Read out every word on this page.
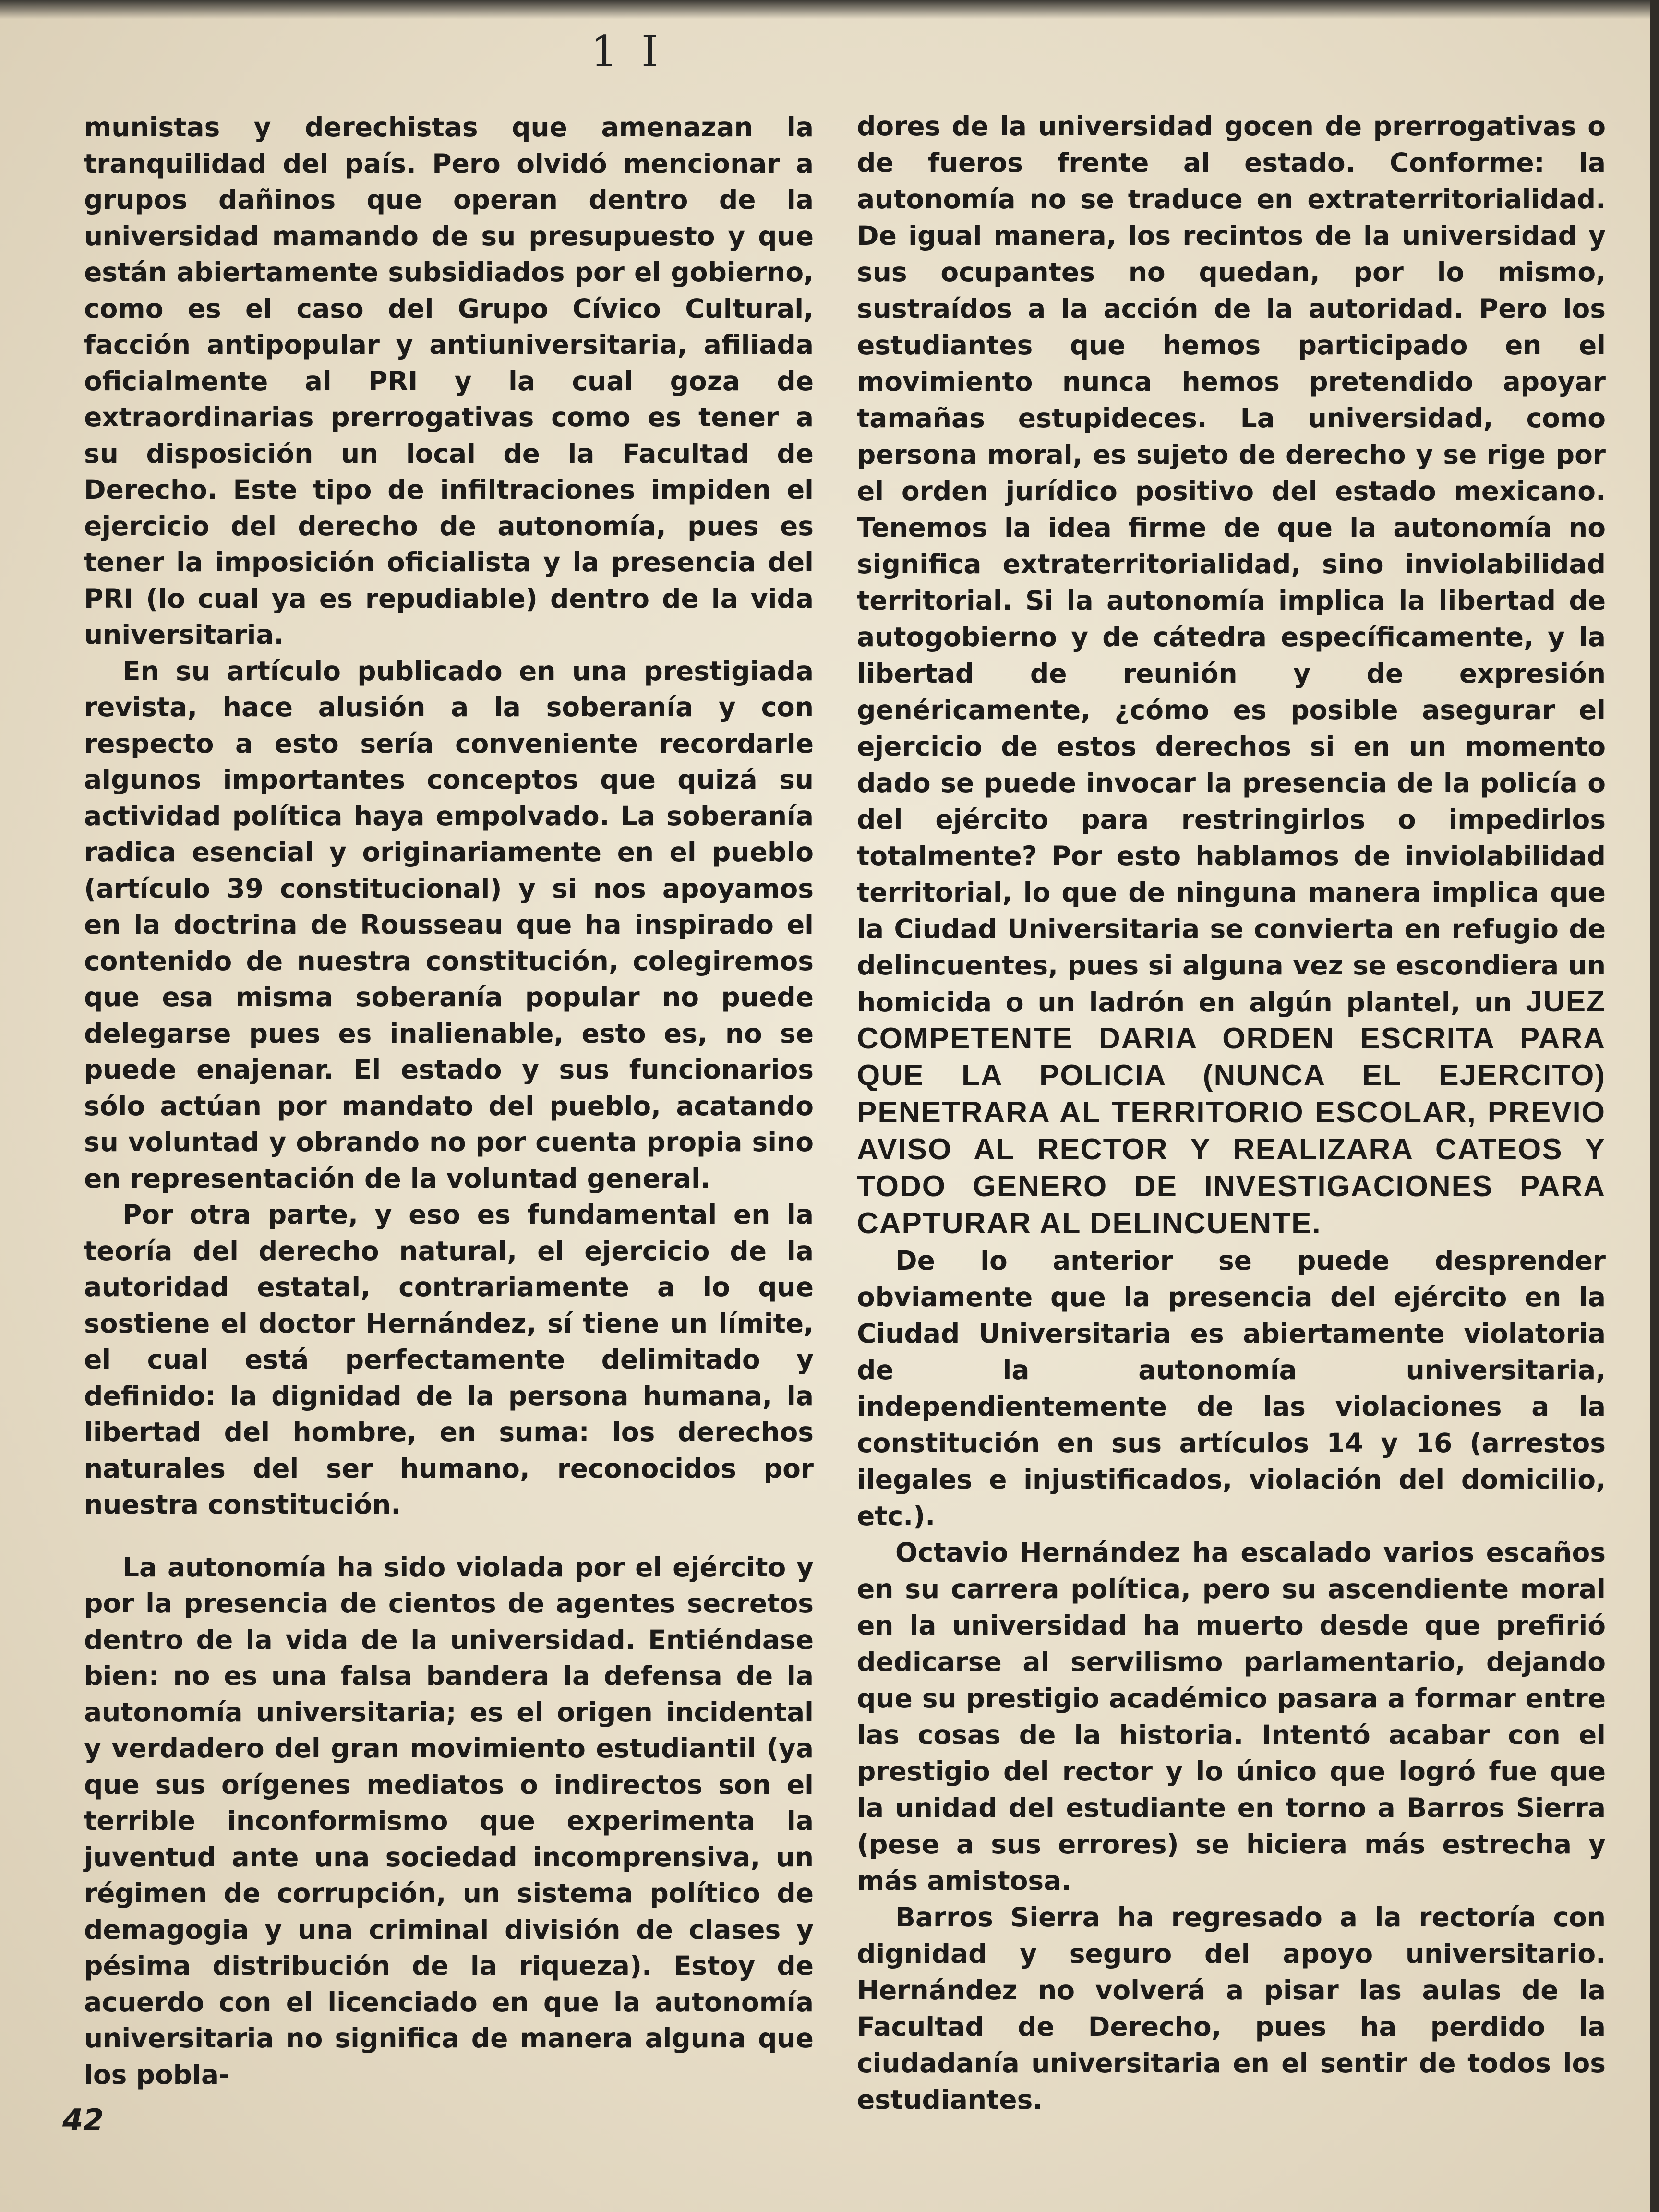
1 I

munistas y derechistas que amenazan la tranquilidad del país. Pero olvidó mencionar a grupos dañinos que operan dentro de la universidad mamando de su presupuesto y que están abiertamente subsidiados por el gobierno, como es el caso del Grupo Cívico Cultural, facción antipopular y antiuniversitaria, afiliada oficialmente al PRI y la cual goza de extraordinarias prerrogativas como es tener a su disposición un local de la Facultad de Derecho. Este tipo de infiltraciones impiden el ejercicio del derecho de autonomía, pues es tener la imposición oficialista y la presencia del PRI (lo cual ya es repudiable) dentro de la vida universitaria.

En su artículo publicado en una prestigiada revista, hace alusión a la soberanía y con respecto a esto sería conveniente recordarle algunos importantes conceptos que quizá su actividad política haya empolvado. La soberanía radica esencial y originariamente en el pueblo (artículo 39 constitucional) y si nos apoyamos en la doctrina de Rousseau que ha inspirado el contenido de nuestra constitución, colegiremos que esa misma soberanía popular no puede delegarse pues es inalienable, esto es, no se puede enajenar. El estado y sus funcionarios sólo actúan por mandato del pueblo, acatando su voluntad y obrando no por cuenta propia sino en representación de la voluntad general.

Por otra parte, y eso es fundamental en la teoría del derecho natural, el ejercicio de la autoridad estatal, contrariamente a lo que sostiene el doctor Hernández, sí tiene un límite, el cual está perfectamente delimitado y definido: la dignidad de la persona humana, la libertad del hombre, en suma: los derechos naturales del ser humano, reconocidos por nuestra constitución.

La autonomía ha sido violada por el ejército y por la presencia de cientos de agentes secretos dentro de la vida de la universidad. Entiéndase bien: no es una falsa bandera la defensa de la autonomía universitaria; es el origen incidental y verdadero del gran movimiento estudiantil (ya que sus orígenes mediatos o indirectos son el terrible inconformismo que experimenta la juventud ante una sociedad incomprensiva, un régimen de corrupción, un sistema político de demagogia y una criminal división de clases y pésima distribución de la riqueza). Estoy de acuerdo con el licenciado en que la autonomía universitaria no significa de manera alguna que los pobla-

dores de la universidad gocen de prerrogativas o de fueros frente al estado. Conforme: la autonomía no se traduce en extraterritorialidad. De igual manera, los recintos de la universidad y sus ocupantes no quedan, por lo mismo, sustraídos a la acción de la autoridad. Pero los estudiantes que hemos participado en el movimiento nunca hemos pretendido apoyar tamañas estupideces. La universidad, como persona moral, es sujeto de derecho y se rige por el orden jurídico positivo del estado mexicano. Tenemos la idea firme de que la autonomía no significa extraterritorialidad, sino inviolabilidad territorial. Si la autonomía implica la libertad de autogobierno y de cátedra específicamente, y la libertad de reunión y de expresión genéricamente, ¿cómo es posible asegurar el ejercicio de estos derechos si en un momento dado se puede invocar la presencia de la policía o del ejército para restringirlos o impedirlos totalmente? Por esto hablamos de inviolabilidad territorial, lo que de ninguna manera implica que la Ciudad Universitaria se convierta en refugio de delincuentes, pues si alguna vez se escondiera un homicida o un ladrón en algún plantel, un JUEZ COMPETENTE DARIA ORDEN ESCRITA PARA QUE LA POLICIA (NUNCA EL EJERCITO) PENETRARA AL TERRITORIO ESCOLAR, PREVIO AVISO AL RECTOR Y REALIZARA CATEOS Y TODO GENERO DE INVESTIGACIONES PARA CAPTURAR AL DELINCUENTE.

De lo anterior se puede desprender obviamente que la presencia del ejército en la Ciudad Universitaria es abiertamente violatoria de la autonomía universitaria, independientemente de las violaciones a la constitución en sus artículos 14 y 16 (arrestos ilegales e injustificados, violación del domicilio, etc.).

Octavio Hernández ha escalado varios escaños en su carrera política, pero su ascendiente moral en la universidad ha muerto desde que prefirió dedicarse al servilismo parlamentario, dejando que su prestigio académico pasara a formar entre las cosas de la historia. Intentó acabar con el prestigio del rector y lo único que logró fue que la unidad del estudiante en torno a Barros Sierra (pese a sus errores) se hiciera más estrecha y más amistosa.

Barros Sierra ha regresado a la rectoría con dignidad y seguro del apoyo universitario. Hernández no volverá a pisar las aulas de la Facultad de Derecho, pues ha perdido la ciudadanía universitaria en el sentir de todos los estudiantes.

42
